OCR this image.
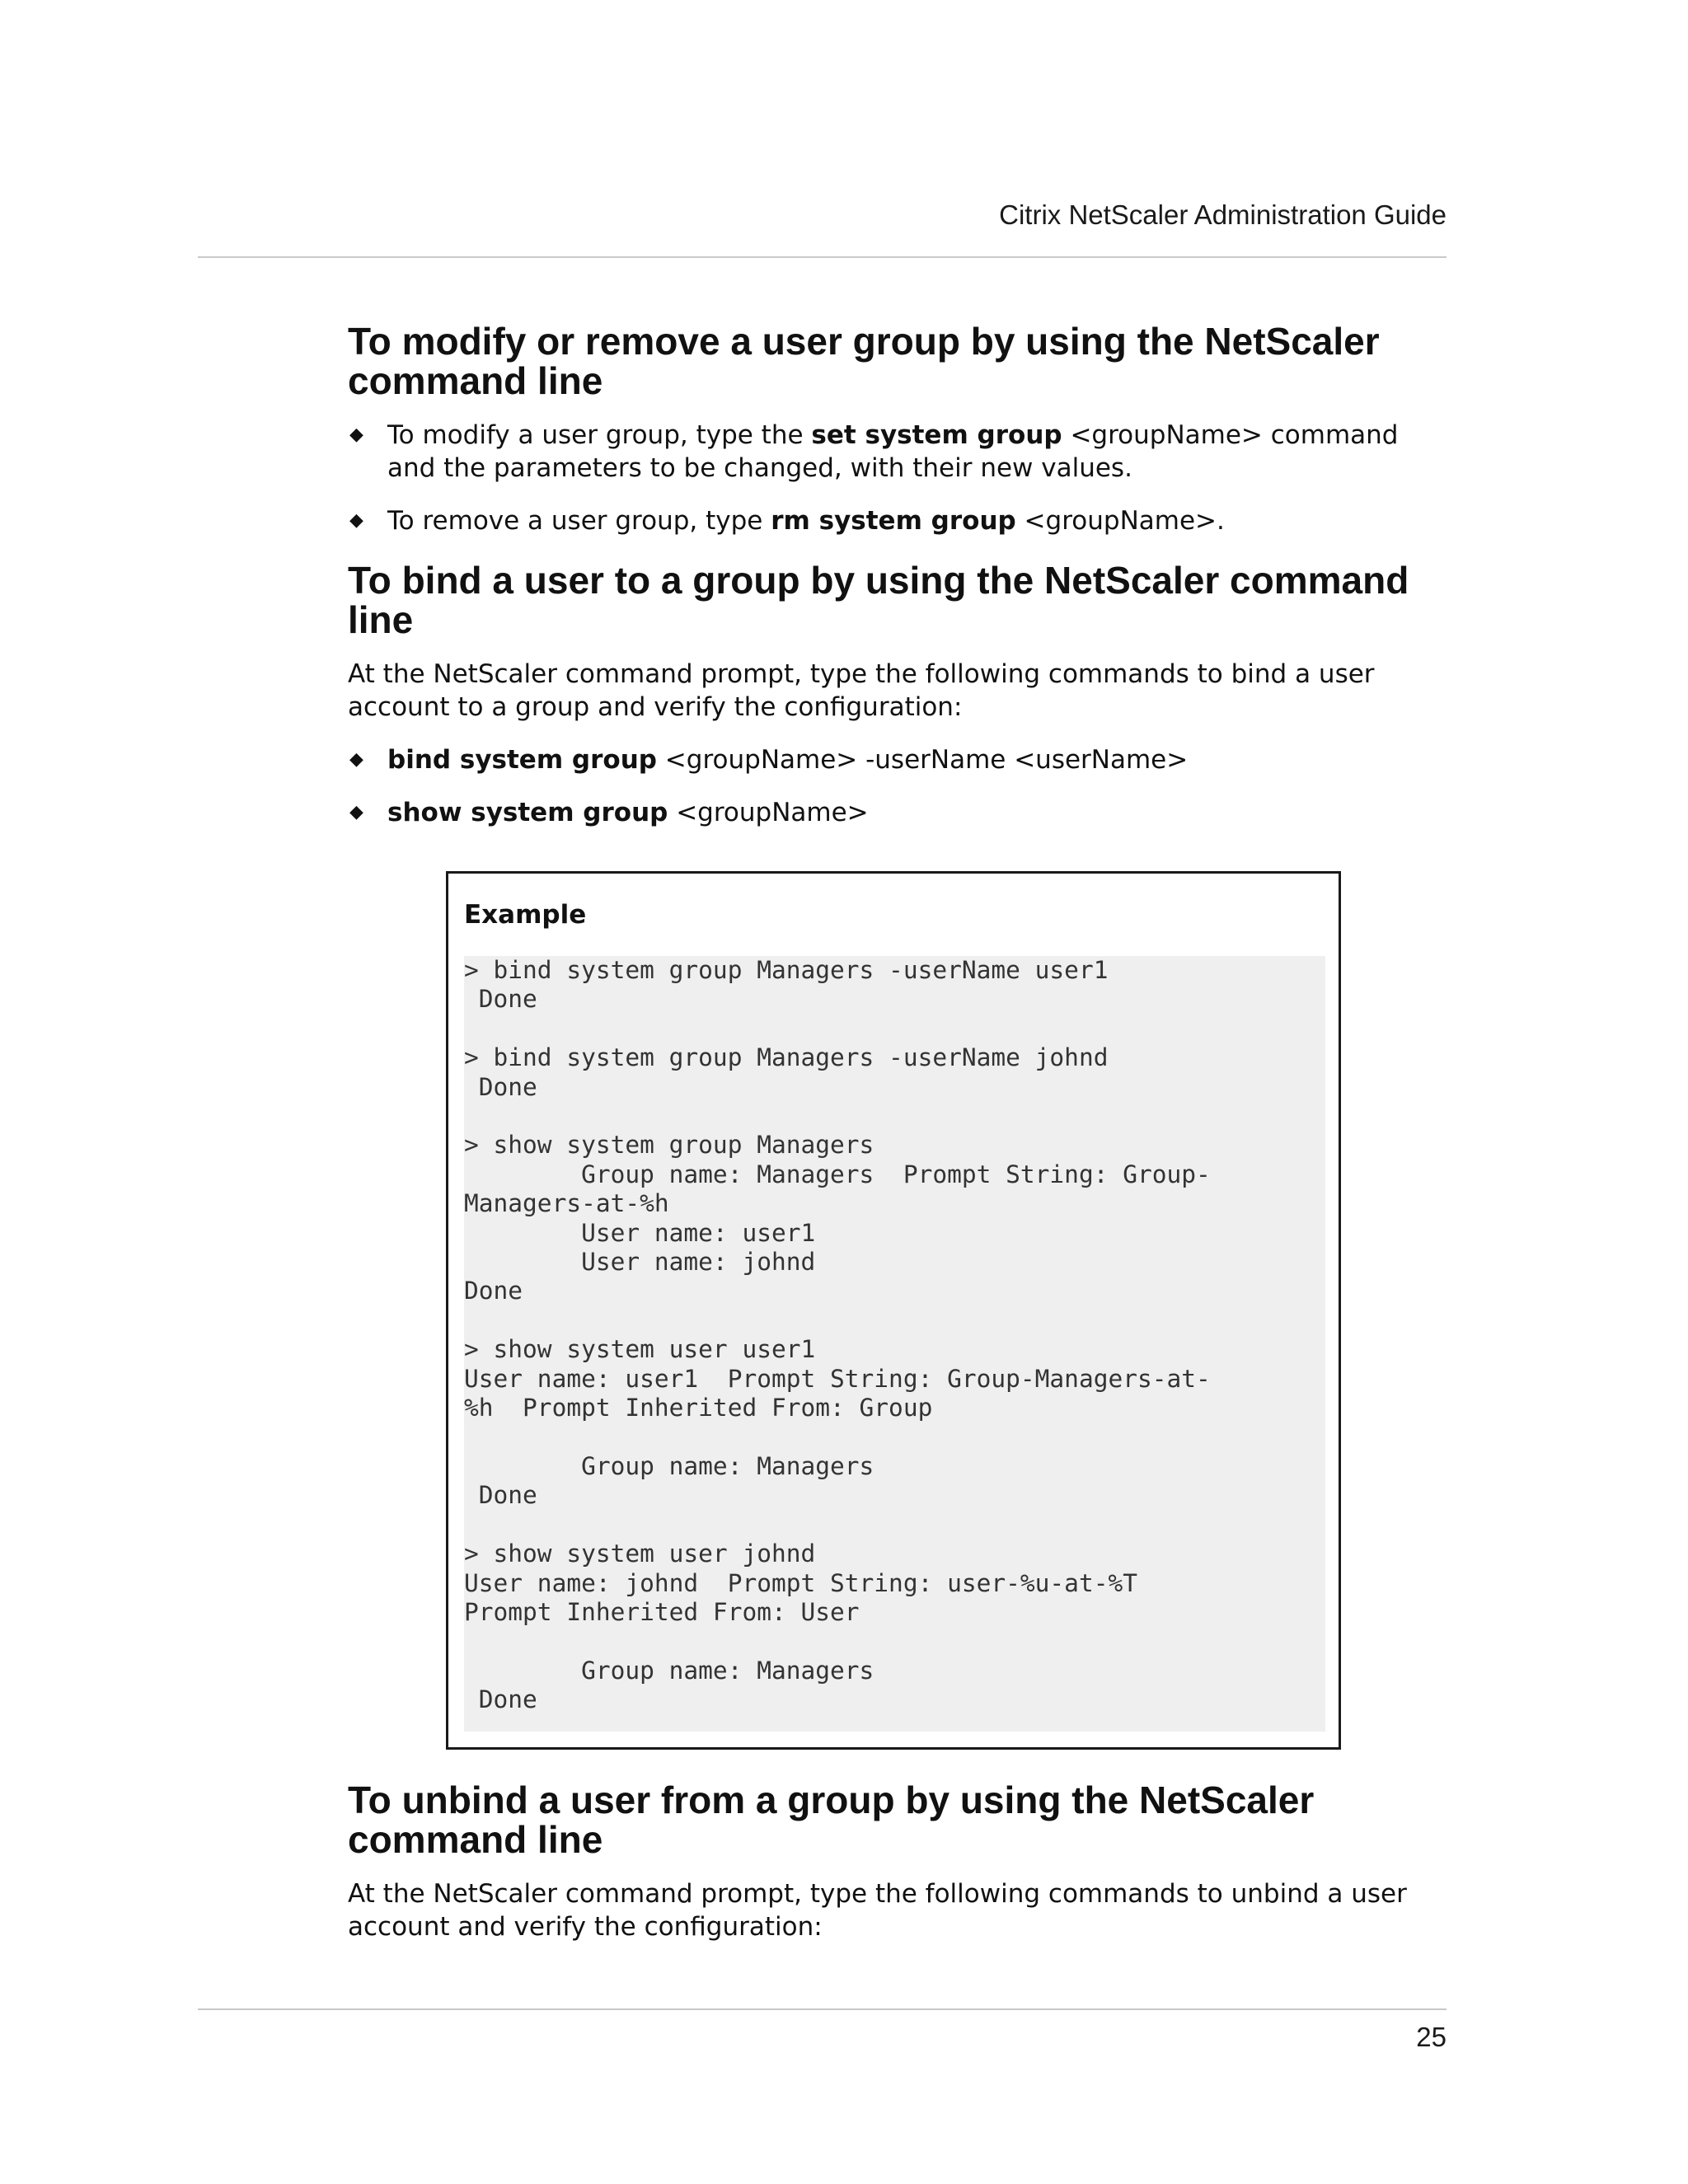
Citrix NetScaler Administration Guide
To modify or remove a user group by using the NetScaler command line
◆ To modify a user group, type the set system group <groupName> command and the parameters to be changed, with their new values.
◆ To remove a user group, type rm system group <groupName>.
To bind a user to a group by using the NetScaler command line

At the NetScaler command prompt, type the following commands to bind a user account to a group and verify the configuration:

◆ bind system group <groupName> -userName <userName>
◆ show system group <groupName>
Example
> bind system group Managers -userName user1
Done

> bind system group Managers -userName johnd
Done

> show system group Managers
Group name: Managers  Prompt String: Group-
Managers-at-%h
User name: user1
User name: johnd
Done

> show system user user1
User name: user1  Prompt String: Group-Managers-at-
%h  Prompt Inherited From: Group

Group name: Managers
Done

> show system user johnd
User name: johnd  Prompt String: user-%u-at-%T
Prompt Inherited From: User

Group name: Managers
Done
To unbind a user from a group by using the NetScaler command line

At the NetScaler command prompt, type the following commands to unbind a user account and verify the configuration:

25
